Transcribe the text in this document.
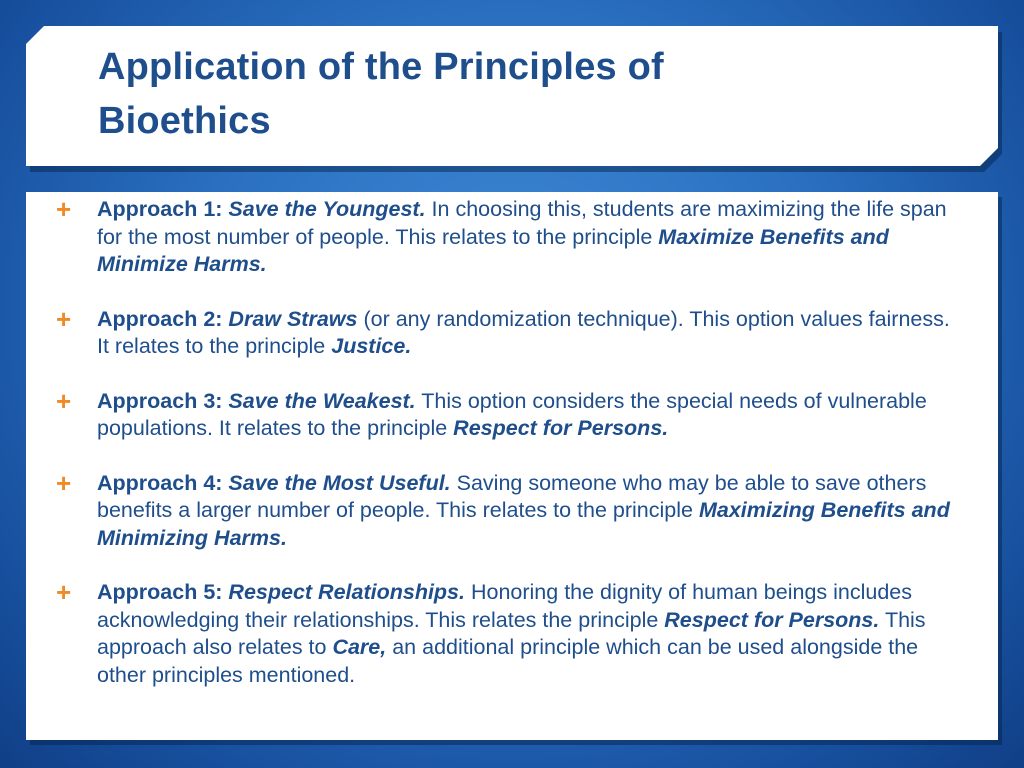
Application of the Principles of
Bioethics
+	Approach 1: Save the Youngest. In choosing this, students are maximizing the life span for the most number of people. This relates to the principle Maximize Benefits and Minimize Harms.
+	Approach 2: Draw Straws (or any randomization technique). This option values fairness. It relates to the principle Justice.
+	Approach 3: Save the Weakest. This option considers the special needs of vulnerable populations. It relates to the principle Respect for Persons.
+	Approach 4: Save the Most Useful. Saving someone who may be able to save others benefits a larger number of people. This relates to the principle Maximizing Benefits and Minimizing Harms.
+	Approach 5: Respect Relationships. Honoring the dignity of human beings includes acknowledging their relationships. This relates the principle Respect for Persons. This approach also relates to Care, an additional principle which can be used alongside the other principles mentioned.
